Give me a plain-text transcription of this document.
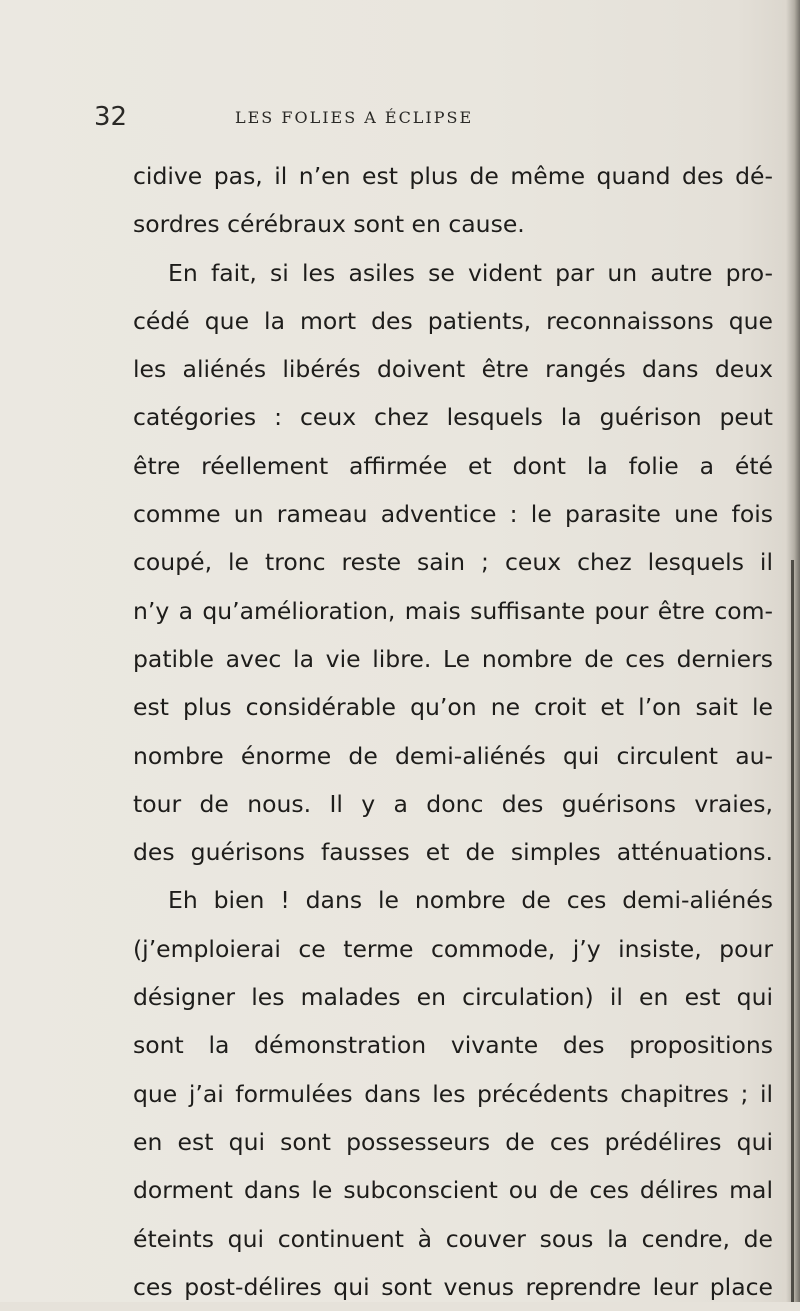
32	LES FOLIES A ÉCLIPSE
cidive pas, il n’en est plus de même quand des dé-
sordres cérébraux sont en cause.
En fait, si les asiles se vident par un autre pro-
cédé que la mort des patients, reconnaissons que
les aliénés libérés doivent être rangés dans deux
catégories : ceux chez lesquels la guérison peut
être réellement affirmée et dont la folie a été
comme un rameau adventice : le parasite une fois
coupé, le tronc reste sain ; ceux chez lesquels il
n’y a qu’amélioration, mais suffisante pour être com-
patible avec la vie libre. Le nombre de ces derniers
est plus considérable qu’on ne croit et l’on sait le
nombre énorme de demi-aliénés qui circulent au-
tour de nous. Il y a donc des guérisons vraies,
des guérisons fausses et de simples atténuations.
Eh bien ! dans le nombre de ces demi-aliénés
(j’emploierai ce terme commode, j’y insiste, pour
désigner les malades en circulation) il en est qui
sont la démonstration vivante des propositions
que j’ai formulées dans les précédents chapitres ; il
en est qui sont possesseurs de ces prédélires qui
dorment dans le subconscient ou de ces délires mal
éteints qui continuent à couver sous la cendre, de
ces post-délires qui sont venus reprendre leur place
